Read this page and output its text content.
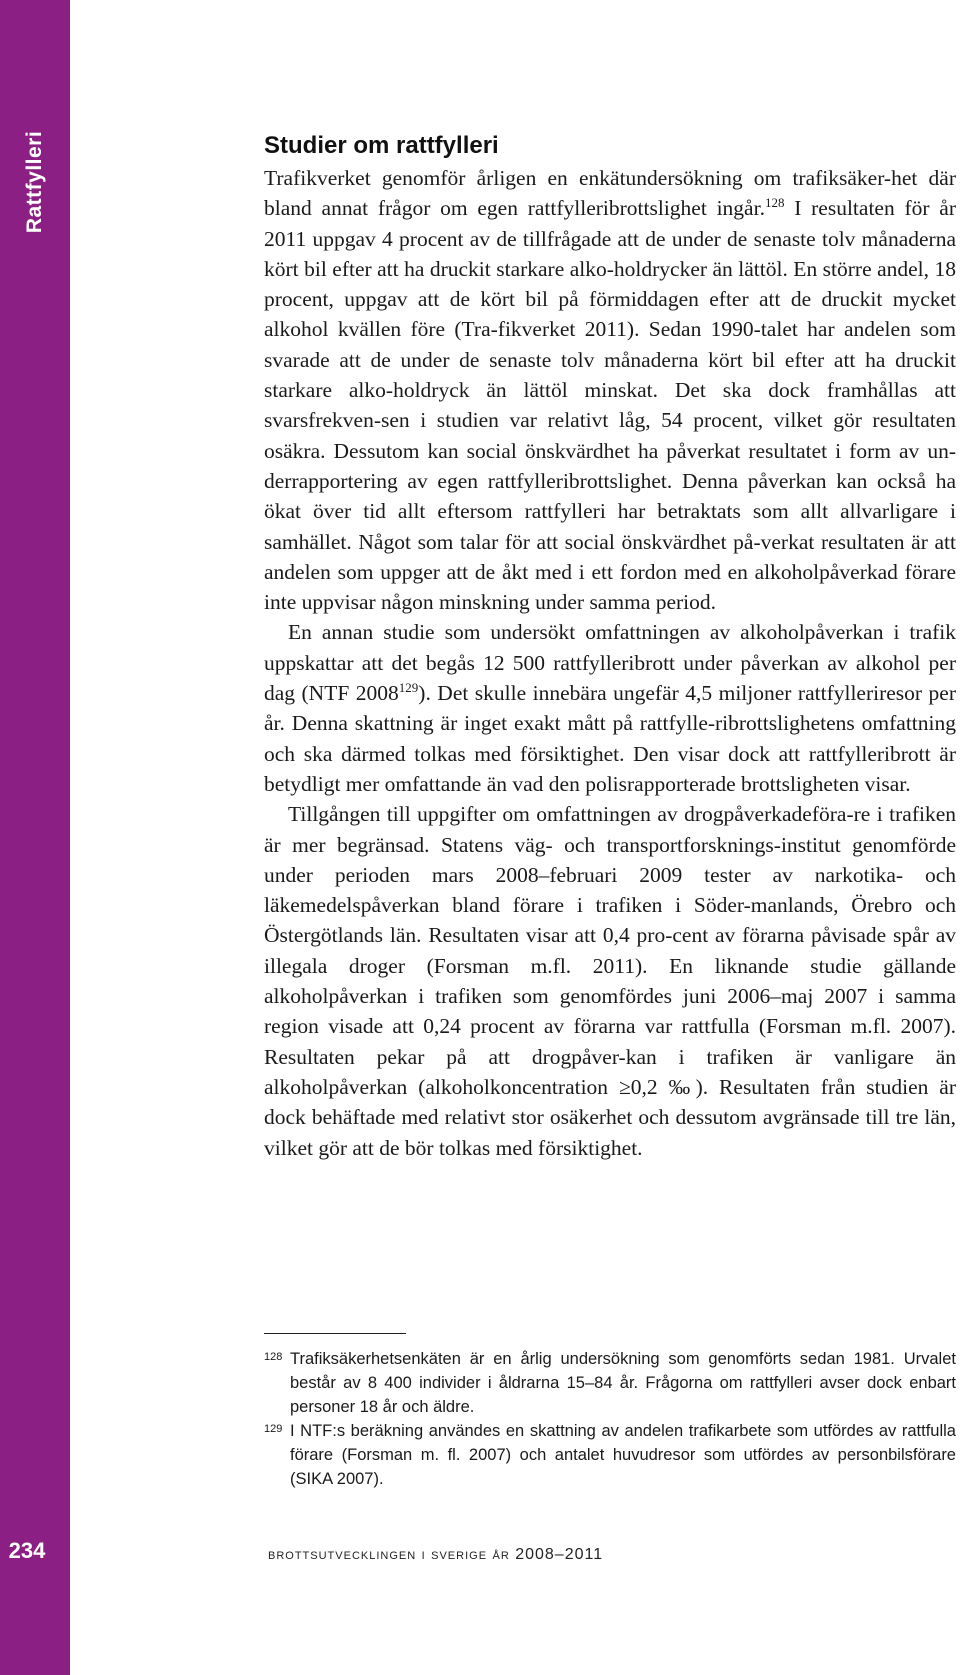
Rattfylleri
234
Studier om rattfylleri

Trafikverket genomför årligen en enkätundersökning om trafiksäker-het där bland annat frågor om egen rattfylleribrottslighet ingår.$^{128}$ I resultaten för år 2011 uppgav 4 procent av de tillfrågade att de under de senaste tolv månaderna kört bil efter att ha druckit starkare alko-holdrycker än lättöl. En större andel, 18 procent, uppgav att de kört bil på förmiddagen efter att de druckit mycket alkohol kvällen före (Tra-fikverket 2011). Sedan 1990-talet har andelen som svarade att de under de senaste tolv månaderna kört bil efter att ha druckit starkare alko-holdryck än lättöl minskat. Det ska dock framhållas att svarsfrekven-sen i studien var relativt låg, 54 procent, vilket gör resultaten osäkra. Dessutom kan social önskvärdhet ha påverkat resultatet i form av un-derrapportering av egen rattfylleribrottslighet. Denna påverkan kan också ha ökat över tid allt eftersom rattfylleri har betraktats som allt allvarligare i samhället. Något som talar för att social önskvärdhet på-verkat resultaten är att andelen som uppger att de åkt med i ett fordon med en alkoholpåverkad förare inte uppvisar någon minskning under samma period.

En annan studie som undersökt omfattningen av alkoholpåverkan i trafik uppskattar att det begås 12 500 rattfylleribrott under påverkan av alkohol per dag (NTF 2008$^{129}$). Det skulle innebära ungefär 4,5 miljoner rattfylleriresor per år. Denna skattning är inget exakt mått på rattfylle-ribrottslighetens omfattning och ska därmed tolkas med försiktighet. Den visar dock att rattfylleribrott är betydligt mer omfattande än vad den polisrapporterade brottsligheten visar.

Tillgången till uppgifter om omfattningen av drogpåverkadeföra-re i trafiken är mer begränsad. Statens väg- och transportforsknings-institut genomförde under perioden mars 2008–februari 2009 tester av narkotika- och läkemedelspåverkan bland förare i trafiken i Söder-manlands, Örebro och Östergötlands län. Resultaten visar att 0,4 pro-cent av förarna påvisade spår av illegala droger (Forsman m.fl. 2011). En liknande studie gällande alkoholpåverkan i trafiken som genomfördes juni 2006–maj 2007 i samma region visade att 0,24 procent av förarna var rattfulla (Forsman m.fl. 2007). Resultaten pekar på att drogpåver-kan i trafiken är vanligare än alkoholpåverkan (alkoholkoncentration ≥0,2 ‰). Resultaten från studien är dock behäftade med relativt stor osäkerhet och dessutom avgränsade till tre län, vilket gör att de bör tolkas med försiktighet.

128 Trafiksäkerhetsenkäten är en årlig undersökning som genomförts sedan 1981. Urvalet består av 8 400 individer i åldrarna 15–84 år. Frågorna om rattfylleri avser dock enbart personer 18 år och äldre.

129 I NTF:s beräkning användes en skattning av andelen trafikarbete som utfördes av rattfulla förare (Forsman m. fl. 2007) och antalet huvudresor som utfördes av personbilsförare (SIKA 2007).

brottsutvecklingen i sverige år 2008–2011
